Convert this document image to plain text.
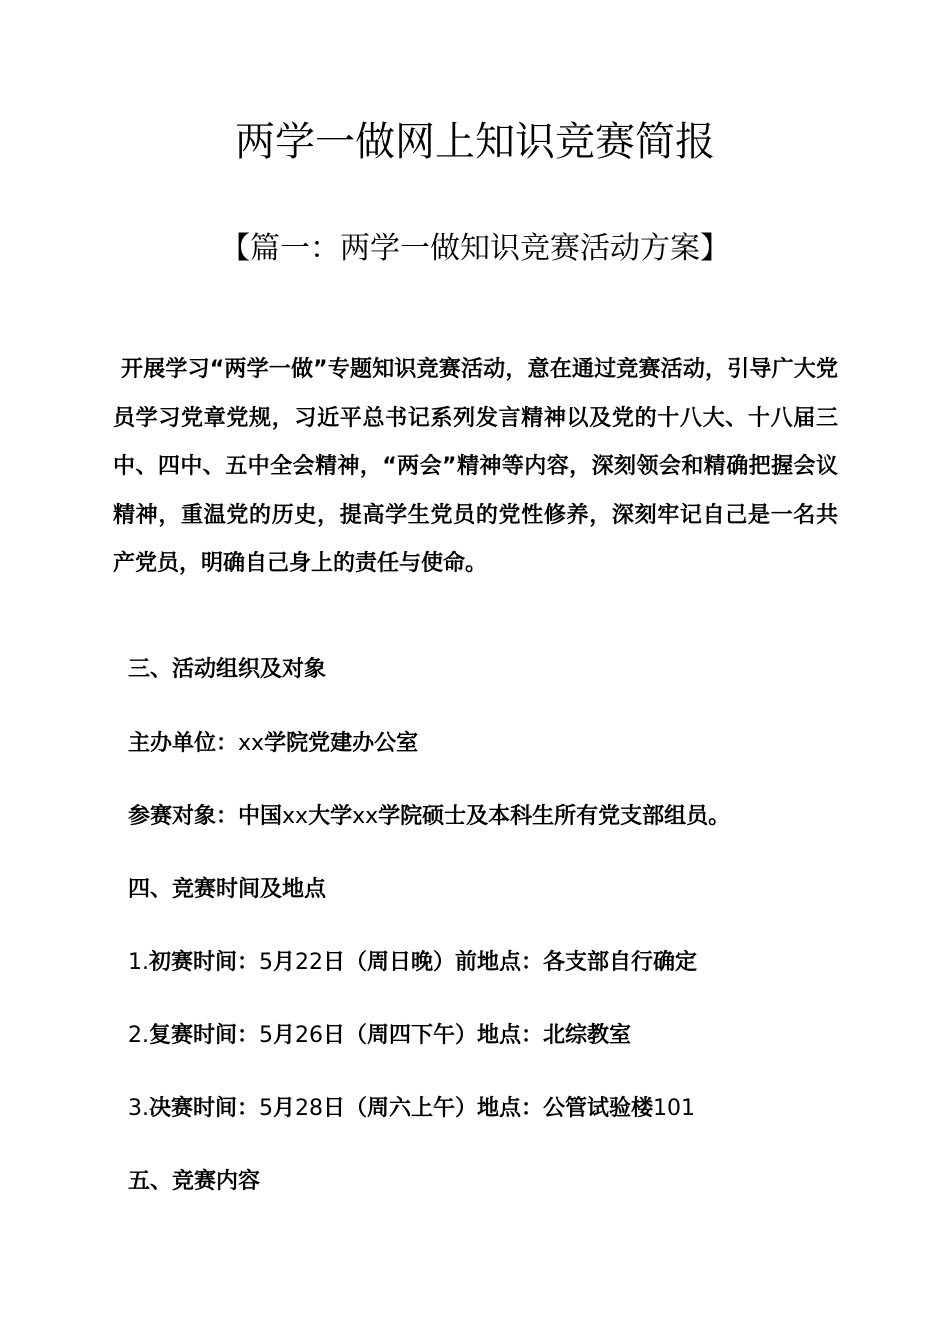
两学一做网上知识竞赛简报
【篇一：两学一做知识竞赛活动方案】

开展学习“两学一做”专题知识竞赛活动，意在通过竞赛活动，引导广大党员学习党章党规，习近平总书记系列发言精神以及党的十八大、十八届三中、四中、五中全会精神，“两会”精神等内容，深刻领会和精确把握会议精神，重温党的历史，提高学生党员的党性修养，深刻牢记自己是一名共产党员，明确自己身上的责任与使命。

三、活动组织及对象
主办单位：xx学院党建办公室
参赛对象：中国xx大学xx学院硕士及本科生所有党支部组员。
四、竞赛时间及地点
1.初赛时间：5月22日（周日晚）前地点：各支部自行确定
2.复赛时间：5月26日（周四下午）地点：北综教室
3.决赛时间：5月28日（周六上午）地点：公管试验楼101
五、竞赛内容
